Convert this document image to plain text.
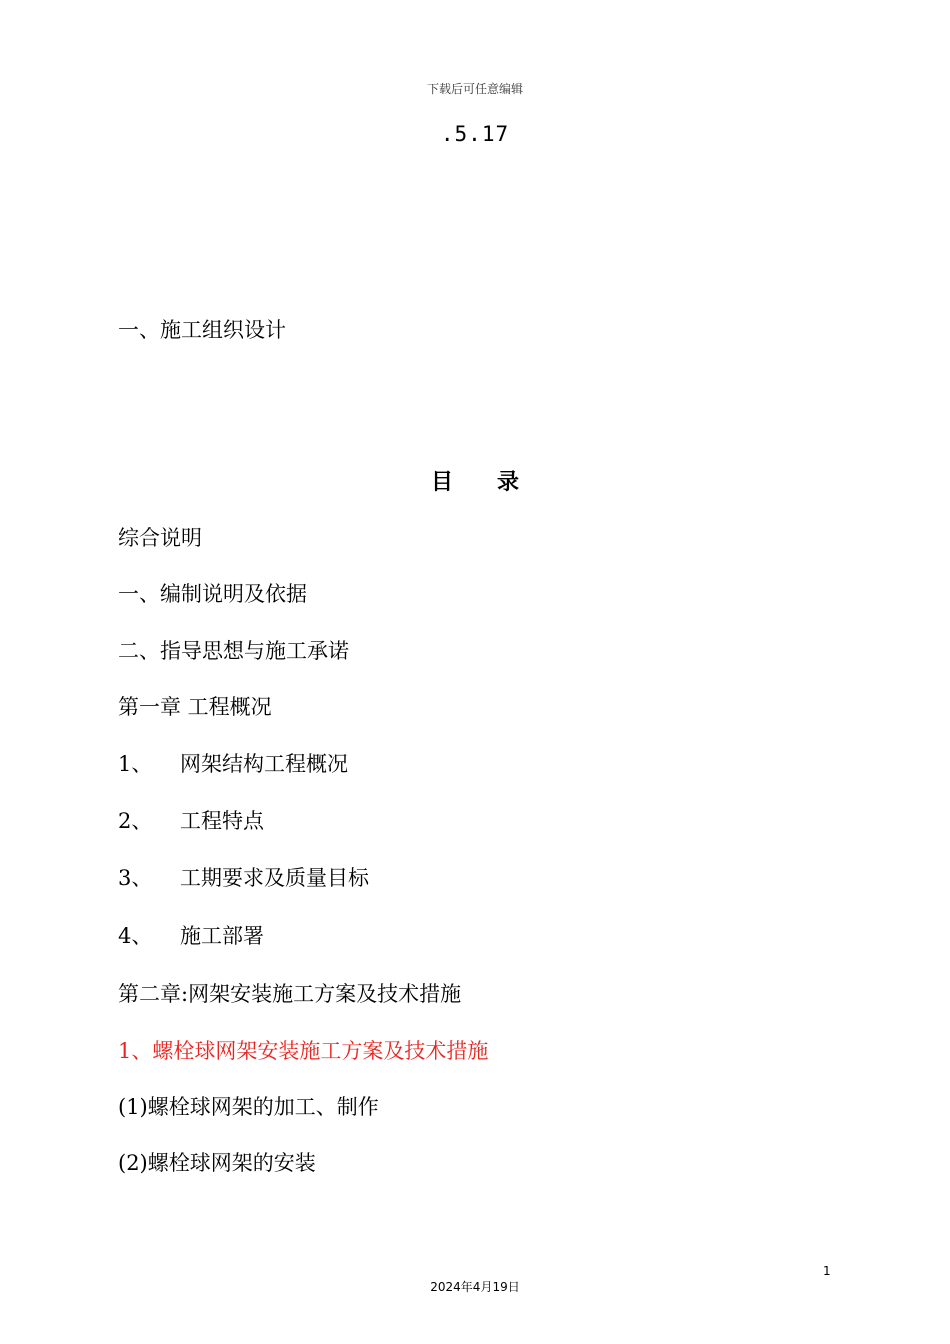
下载后可任意编辑
.5.17
一、施工组织设计
目 录
综合说明
一、编制说明及依据
二、指导思想与施工承诺
第一章 工程概况
1、 网架结构工程概况
2、 工程特点
3、 工期要求及质量目标
4、 施工部署
第二章:网架安装施工方案及技术措施
1、螺栓球网架安装施工方案及技术措施
(1)螺栓球网架的加工、制作
(2)螺栓球网架的安装
1
2024年4月19日
